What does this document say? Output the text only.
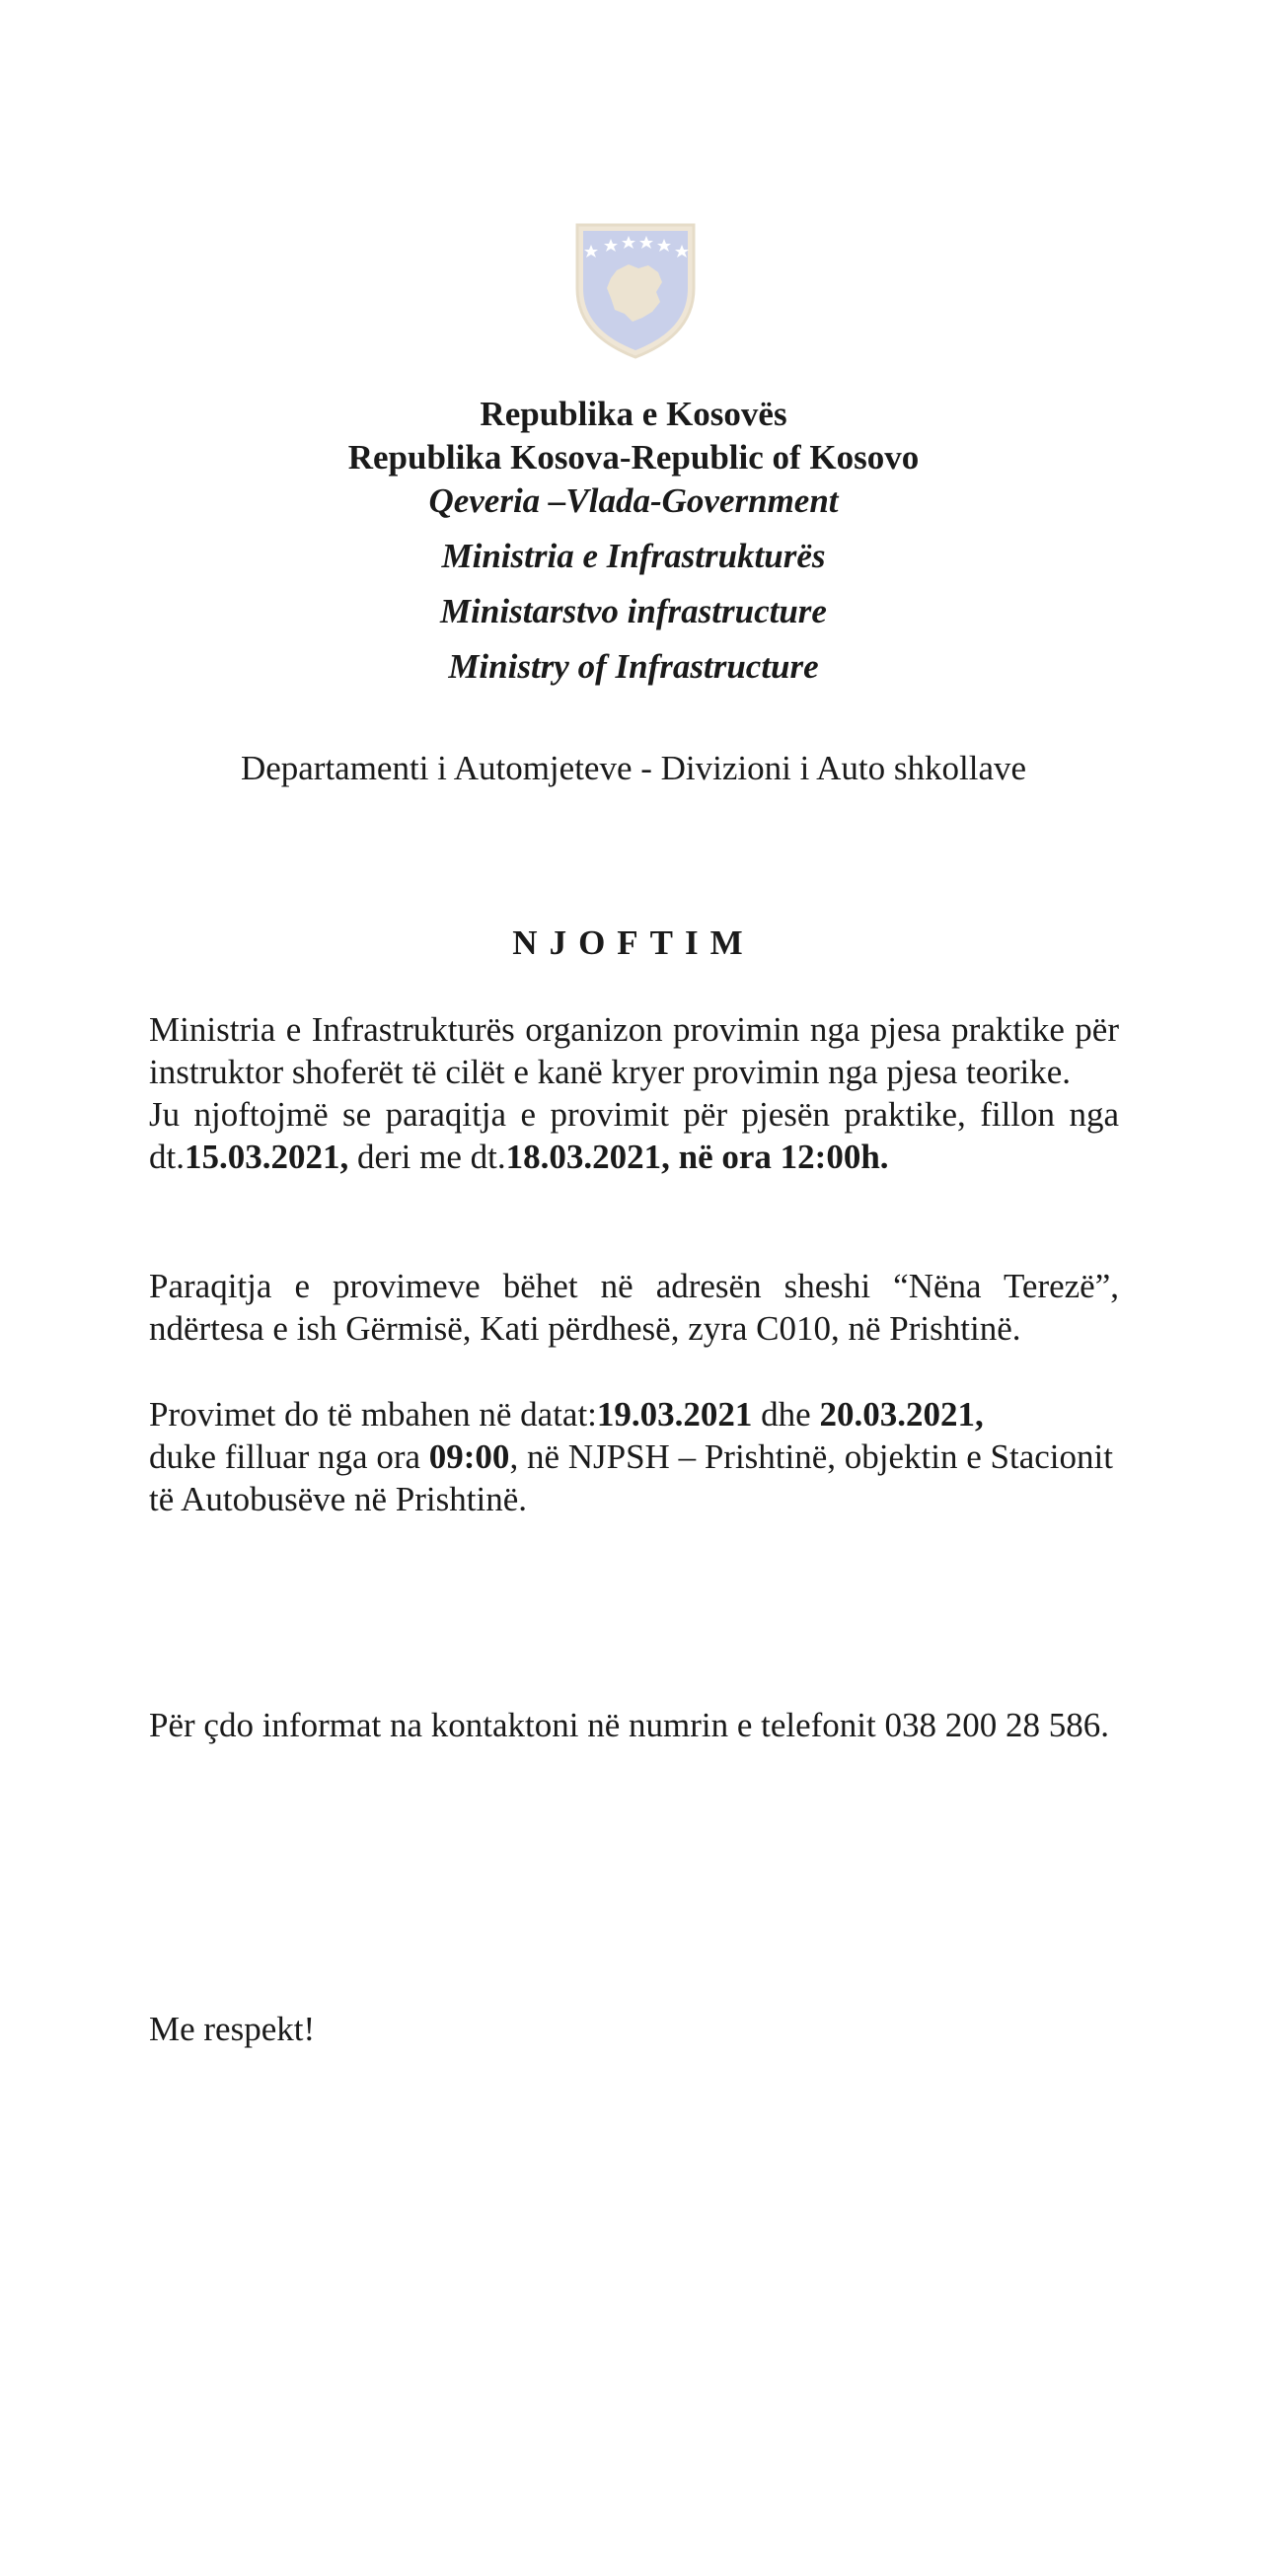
Republika e Kosovës
Republika Kosova-Republic of Kosovo
Qeveria –Vlada-Government
Ministria e Infrastrukturës
Ministarstvo infrastructure
Ministry of Infrastructure
Departamenti i Automjeteve - Divizioni i Auto shkollave
NJOFTIM

Ministria e Infrastrukturës organizon provimin nga pjesa praktike për instruktor shoferët të cilët e kanë kryer provimin nga pjesa teorike.

Ju njoftojmë se paraqitja e provimit për pjesën praktike, fillon nga dt.15.03.2021, deri me dt.18.03.2021, në ora 12:00h.

Paraqitja e provimeve bëhet në adresën sheshi “Nëna Terezë”, ndërtesa e ish Gërmisë, Kati përdhesë, zyra C010, në Prishtinë.

Provimet do të mbahen në datat:19.03.2021 dhe 20.03.2021,

duke filluar nga ora 09:00, në NJPSH – Prishtinë, objektin e Stacionit të Autobusëve në Prishtinë.

Për çdo informat na kontaktoni në numrin e telefonit 038 200 28 586.

Me respekt!
